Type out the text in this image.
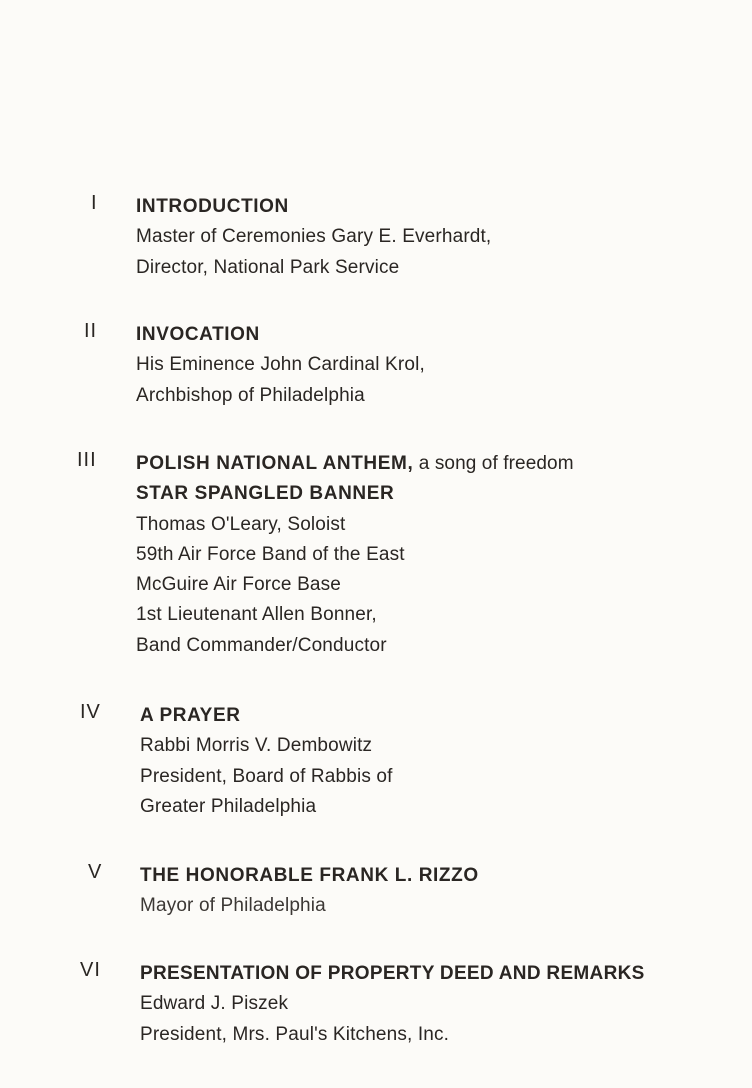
I INTRODUCTION
Master of Ceremonies Gary E. Everhardt,
Director, National Park Service
II INVOCATION
His Eminence John Cardinal Krol,
Archbishop of Philadelphia
III POLISH NATIONAL ANTHEM, a song of freedom
STAR SPANGLED BANNER
Thomas O'Leary, Soloist
59th Air Force Band of the East
McGuire Air Force Base
1st Lieutenant Allen Bonner,
Band Commander/Conductor
IV A PRAYER
Rabbi Morris V. Dembowitz
President, Board of Rabbis of
Greater Philadelphia
V THE HONORABLE FRANK L. RIZZO
Mayor of Philadelphia
VI PRESENTATION OF PROPERTY DEED AND REMARKS
Edward J. Piszek
President, Mrs. Paul's Kitchens, Inc.
